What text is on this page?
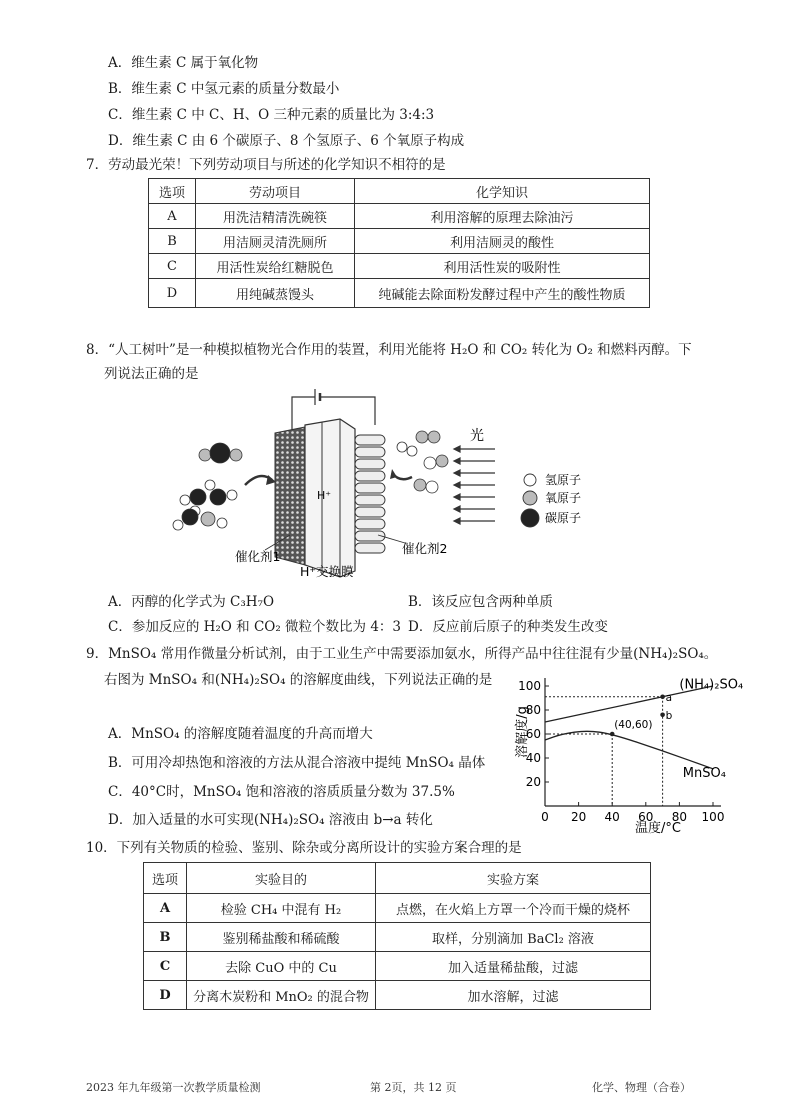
A．维生素 C 属于氧化物
B．维生素 C 中氢元素的质量分数最小
C．维生素 C 中 C、H、O 三种元素的质量比为 3:4:3
D．维生素 C 由 6 个碳原子、8 个氢原子、6 个氧原子构成
7．劳动最光荣！下列劳动项目与所述的化学知识不相符的是
选项	劳动项目	化学知识
A	用洗洁精清洗碗筷	利用溶解的原理去除油污
B	用洁厕灵清洗厕所	利用洁厕灵的酸性
C	用活性炭给红糖脱色	利用活性炭的吸附性
D	用纯碱蒸馒头	纯碱能去除面粉发酵过程中产生的酸性物质
8．“人工树叶”是一种模拟植物光合作用的装置，利用光能将 H₂O 和 CO₂ 转化为 O₂ 和燃料丙醇。下
列说法正确的是
光
H⁺
氢原子
氧原子
碳原子
催化剂1
催化剂2
H⁺交换膜
A．丙醇的化学式为 C₃H₇O	B．该反应包含两种单质
C．参加反应的 H₂O 和 CO₂ 微粒个数比为 4：3 D．反应前后原子的种类发生改变
9．MnSO₄ 常用作微量分析试剂，由于工业生产中需要添加氨水，所得产品中往往混有少量(NH₄)₂SO₄。
右图为 MnSO₄ 和(NH₄)₂SO₄ 的溶解度曲线，下列说法正确的是
A．MnSO₄ 的溶解度随着温度的升高而增大
B．可用冷却热饱和溶液的方法从混合溶液中提纯 MnSO₄ 晶体
C．40°C时，MnSO₄ 饱和溶液的溶质质量分数为 37.5%
D．加入适量的水可实现(NH₄)₂SO₄ 溶液由 b→a 转化	0 20 40 60 80 100
20
40
60
80
100	(NH₄)₂SO₄
MnSO₄
(40,60)
a
b
温度/°C
溶解度/g
10．下列有关物质的检验、鉴别、除杂或分离所设计的实验方案合理的是
选项	实验目的	实验方案
A	检验 CH₄ 中混有 H₂	点燃，在火焰上方罩一个冷而干燥的烧杯
B	鉴别稀盐酸和稀硫酸	取样，分别滴加 BaCl₂ 溶液
C	去除 CuO 中的 Cu	加入适量稀盐酸，过滤
D	分离木炭粉和 MnO₂ 的混合物	加水溶解，过滤
2023 年九年级第一次教学质量检测	第 2页，共 12 页	化学、物理（合卷）
